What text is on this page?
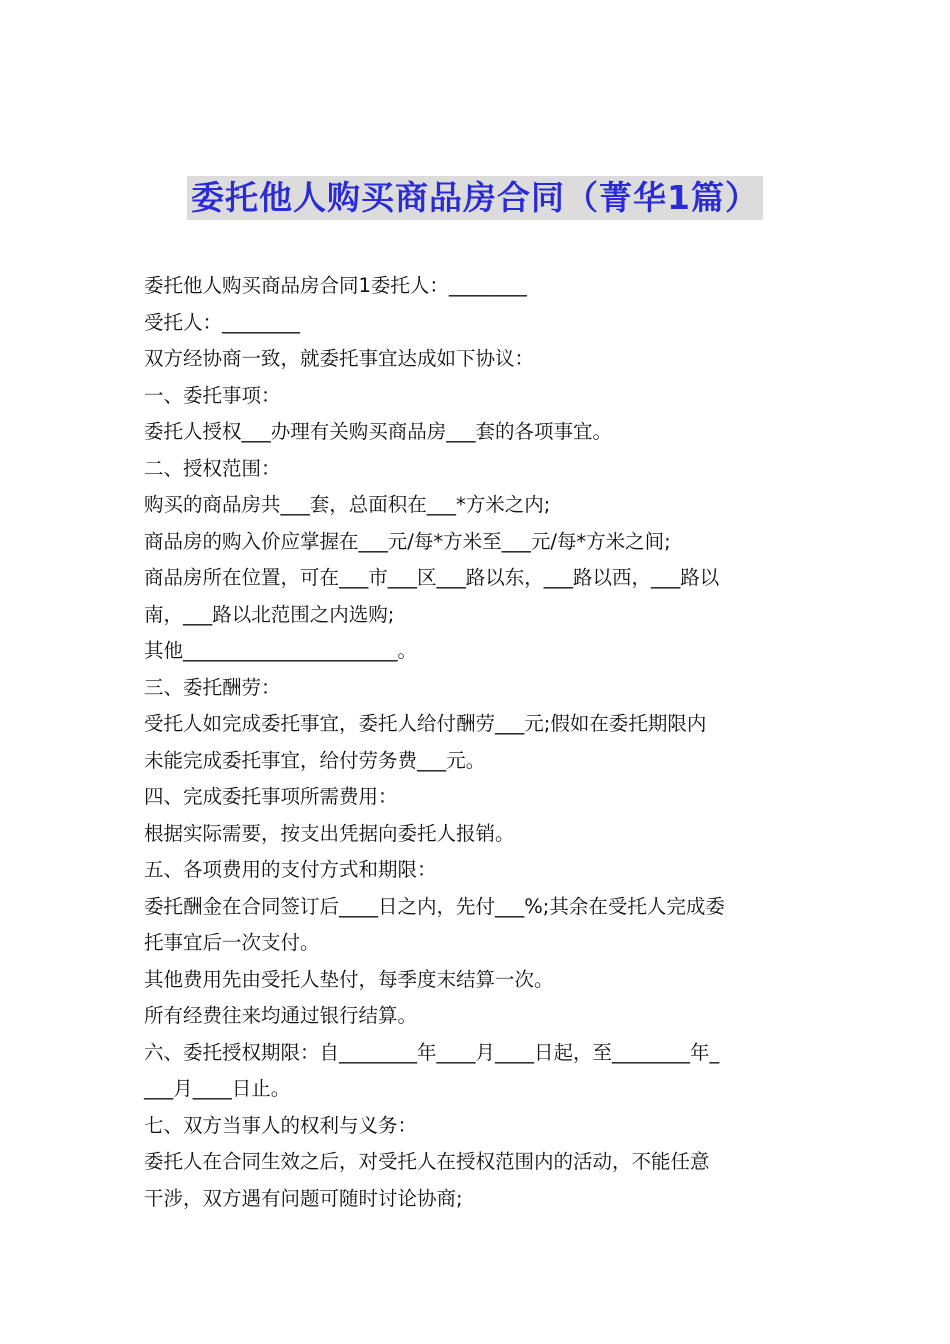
委托他人购买商品房合同（菁华1篇）

委托他人购买商品房合同1委托人：________

受托人：________

双方经协商一致，就委托事宜达成如下协议：

一、委托事项：

委托人授权___办理有关购买商品房___套的各项事宜。

二、授权范围：

购买的商品房共___套，总面积在___*方米之内;

商品房的购入价应掌握在___元/每*方米至___元/每*方米之间;

商品房所在位置，可在___市___区___路以东，___路以西，___路以

南，___路以北范围之内选购;

其他______________________。

三、委托酬劳：

受托人如完成委托事宜，委托人给付酬劳___元;假如在委托期限内

未能完成委托事宜，给付劳务费___元。

四、完成委托事项所需费用：

根据实际需要，按支出凭据向委托人报销。

五、各项费用的支付方式和期限：

委托酬金在合同签订后____日之内，先付___%;其余在受托人完成委

托事宜后一次支付。

其他费用先由受托人垫付，每季度末结算一次。

所有经费往来均通过银行结算。

六、委托授权期限：自________年____月____日起，至________年_

___月____日止。

七、双方当事人的权利与义务：

委托人在合同生效之后，对受托人在授权范围内的活动，不能任意

干涉，双方遇有问题可随时讨论协商;
